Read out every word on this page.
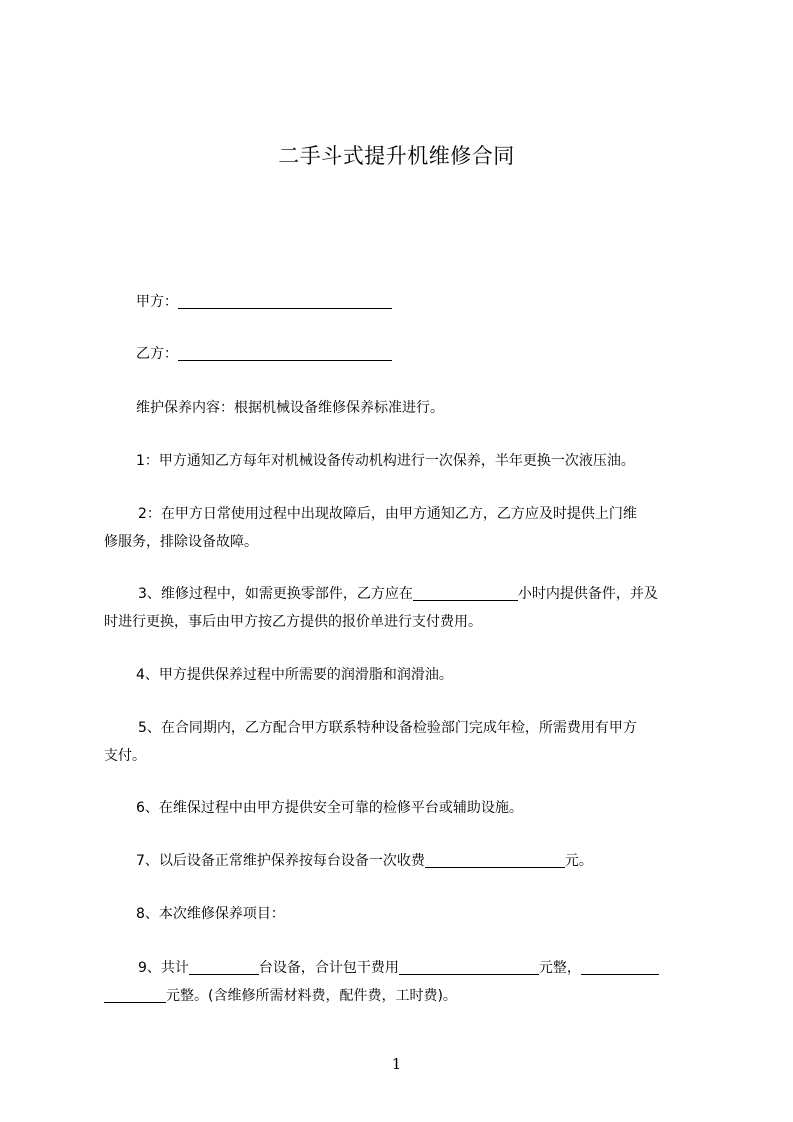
二手斗式提升机维修合同
甲方：
乙方：
维护保养内容：根据机械设备维修保养标准进行。
1：甲方通知乙方每年对机械设备传动机构进行一次保养，半年更换一次液压油。
2：在甲方日常使用过程中出现故障后，由甲方通知乙方，乙方应及时提供上门维
修服务，排除设备故障。
3、维修过程中，如需更换零部件，乙方应在	小时内提供备件，并及
时进行更换，事后由甲方按乙方提供的报价单进行支付费用。
4、甲方提供保养过程中所需要的润滑脂和润滑油。
5、在合同期内，乙方配合甲方联系特种设备检验部门完成年检，所需费用有甲方
支付。
6、在维保过程中由甲方提供安全可靠的检修平台或辅助设施。
7、以后设备正常维护保养按每台设备一次收费	元。
8、本次维修保养项目：
9、共计	台设备，合计包干费用	元整，
元整。(含维修所需材料费，配件费，工时费)。
1
